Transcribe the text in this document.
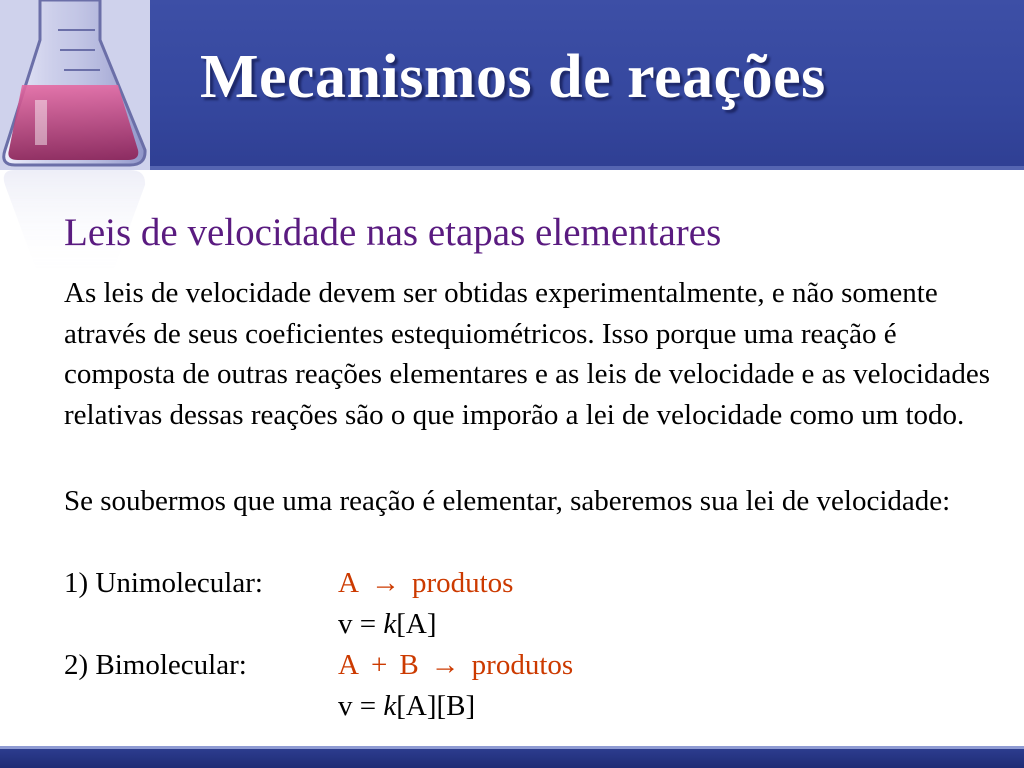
Mecanismos de reações
Leis de velocidade nas etapas elementares

As leis de velocidade devem ser obtidas experimentalmente, e não somente através de seus coeficientes estequiométricos. Isso porque uma reação é composta de outras reações elementares e as leis de velocidade e as velocidades relativas dessas reações são o que imporão a lei de velocidade como um todo.

Se soubermos que uma reação é elementar, saberemos sua lei de velocidade:

1) Unimolecular:	A → produtos
v = k[A]
2) Bimolecular:	A + B → produtos
v = k[A][B]
